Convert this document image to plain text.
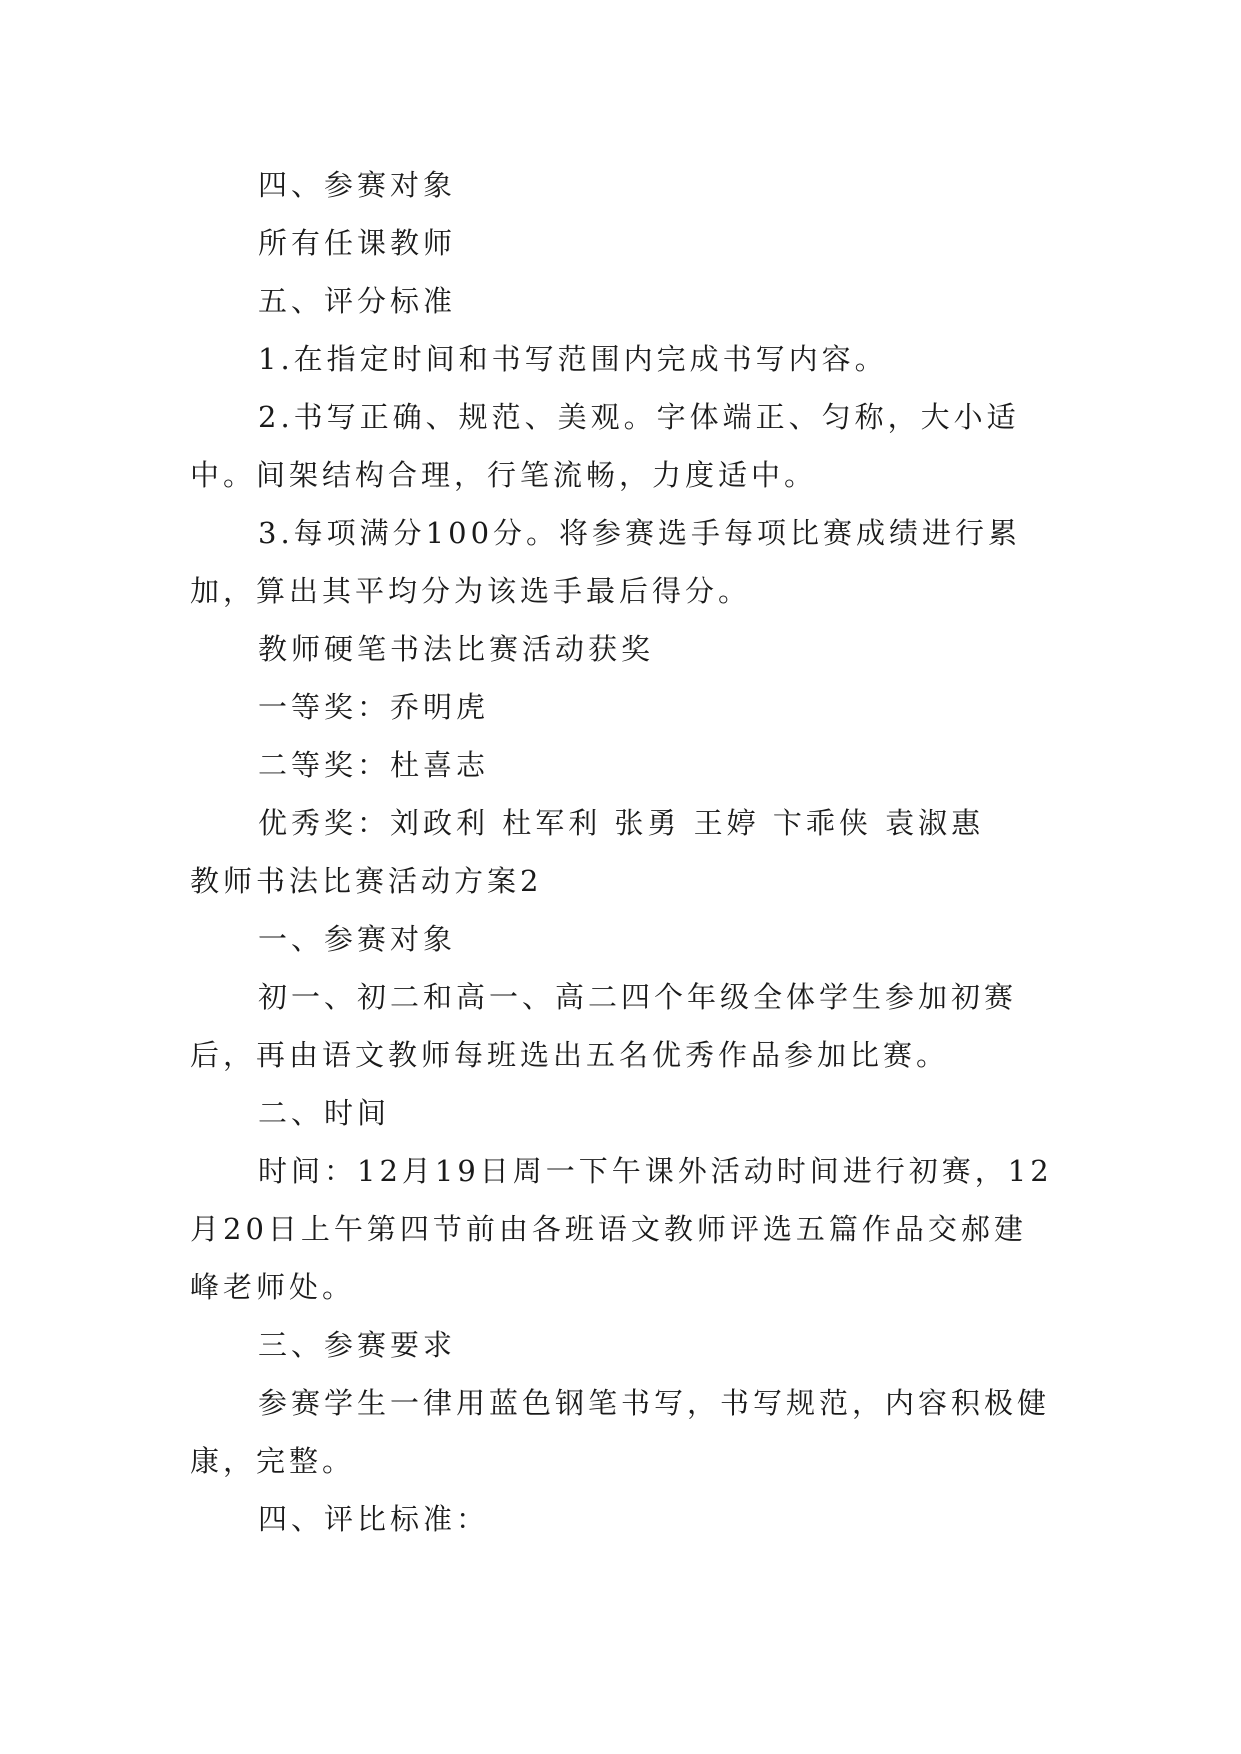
四、参赛对象

所有任课教师

五、评分标准

1.在指定时间和书写范围内完成书写内容。

2.书写正确、规范、美观。字体端正、匀称，大小适中。间架结构合理，行笔流畅，力度适中。

3.每项满分100分。将参赛选手每项比赛成绩进行累加，算出其平均分为该选手最后得分。

教师硬笔书法比赛活动获奖

一等奖：乔明虎

二等奖：杜喜志

优秀奖：刘政利 杜军利 张勇 王婷 卞乖侠 袁淑惠

教师书法比赛活动方案2

一、参赛对象

初一、初二和高一、高二四个年级全体学生参加初赛后，再由语文教师每班选出五名优秀作品参加比赛。

二、时间

时间：12月19日周一下午课外活动时间进行初赛，12月20日上午第四节前由各班语文教师评选五篇作品交郝建峰老师处。

三、参赛要求

参赛学生一律用蓝色钢笔书写，书写规范，内容积极健康，完整。

四、评比标准：
